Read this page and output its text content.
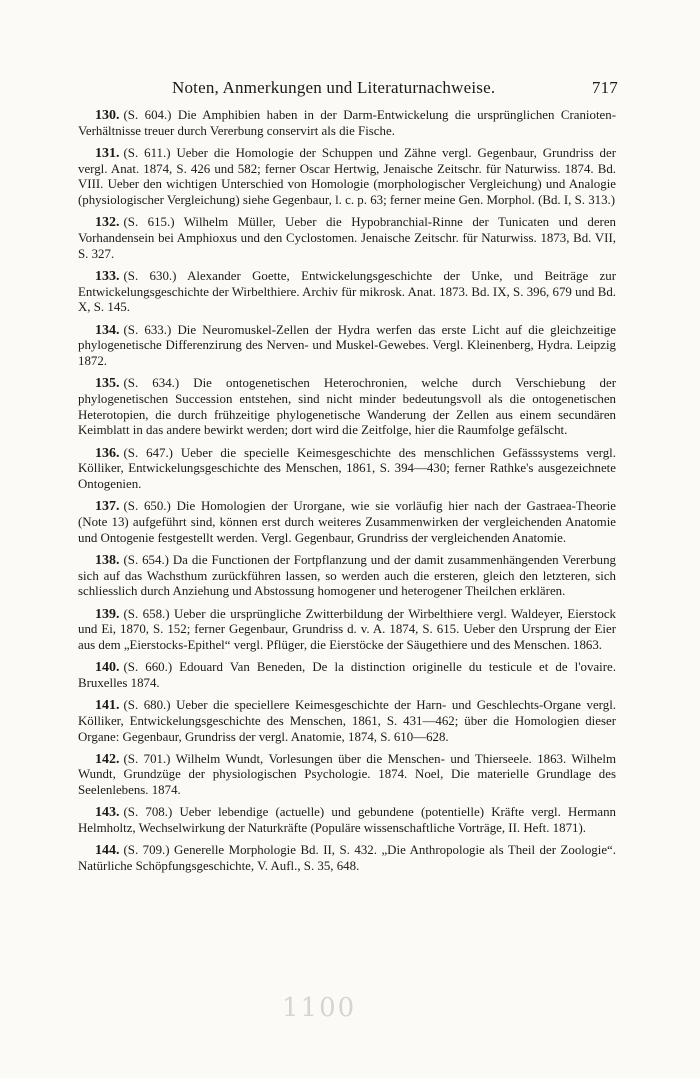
Noten, Anmerkungen und Literaturnachweise.	717

130. (S. 604.) Die Amphibien haben in der Darm-Entwickelung die ursprünglichen Cranioten-Verhältnisse treuer durch Vererbung conservirt als die Fische.

131. (S. 611.) Ueber die Homologie der Schuppen und Zähne vergl. Gegenbaur, Grundriss der vergl. Anat. 1874, S. 426 und 582; ferner Oscar Hertwig, Jenaische Zeitschr. für Naturwiss. 1874. Bd. VIII. Ueber den wichtigen Unterschied von Homologie (morphologischer Vergleichung) und Analogie (physiologischer Vergleichung) siehe Gegenbaur, l. c. p. 63; ferner meine Gen. Morphol. (Bd. I, S. 313.)

132. (S. 615.) Wilhelm Müller, Ueber die Hypobranchial-Rinne der Tunicaten und deren Vorhandensein bei Amphioxus und den Cyclostomen. Jenaische Zeitschr. für Naturwiss. 1873, Bd. VII, S. 327.

133. (S. 630.) Alexander Goette, Entwickelungsgeschichte der Unke, und Beiträge zur Entwickelungsgeschichte der Wirbelthiere. Archiv für mikrosk. Anat. 1873. Bd. IX, S. 396, 679 und Bd. X, S. 145.

134. (S. 633.) Die Neuromuskel-Zellen der Hydra werfen das erste Licht auf die gleichzeitige phylogenetische Differenzirung des Nerven- und Muskel-Gewebes. Vergl. Kleinenberg, Hydra. Leipzig 1872.

135. (S. 634.) Die ontogenetischen Heterochronien, welche durch Verschiebung der phylogenetischen Succession entstehen, sind nicht minder bedeutungsvoll als die ontogenetischen Heterotopien, die durch frühzeitige phylogenetische Wanderung der Zellen aus einem secundären Keimblatt in das andere bewirkt werden; dort wird die Zeitfolge, hier die Raumfolge gefälscht.

136. (S. 647.) Ueber die specielle Keimesgeschichte des menschlichen Gefässsystems vergl. Kölliker, Entwickelungsgeschichte des Menschen, 1861, S. 394—430; ferner Rathke's ausgezeichnete Ontogenien.

137. (S. 650.) Die Homologien der Urorgane, wie sie vorläufig hier nach der Gastraea-Theorie (Note 13) aufgeführt sind, können erst durch weiteres Zusammenwirken der vergleichenden Anatomie und Ontogenie festgestellt werden. Vergl. Gegenbaur, Grundriss der vergleichenden Anatomie.

138. (S. 654.) Da die Functionen der Fortpflanzung und der damit zusammenhängenden Vererbung sich auf das Wachsthum zurückführen lassen, so werden auch die ersteren, gleich den letzteren, sich schliesslich durch Anziehung und Abstossung homogener und heterogener Theilchen erklären.

139. (S. 658.) Ueber die ursprüngliche Zwitterbildung der Wirbelthiere vergl. Waldeyer, Eierstock und Ei, 1870, S. 152; ferner Gegenbaur, Grundriss d. v. A. 1874, S. 615. Ueber den Ursprung der Eier aus dem „Eierstocks-Epithel“ vergl. Pflüger, die Eierstöcke der Säugethiere und des Menschen. 1863.

140. (S. 660.) Edouard Van Beneden, De la distinction originelle du testicule et de l'ovaire. Bruxelles 1874.

141. (S. 680.) Ueber die speciellere Keimesgeschichte der Harn- und Geschlechts-Organe vergl. Kölliker, Entwickelungsgeschichte des Menschen, 1861, S. 431—462; über die Homologien dieser Organe: Gegenbaur, Grundriss der vergl. Anatomie, 1874, S. 610—628.

142. (S. 701.) Wilhelm Wundt, Vorlesungen über die Menschen- und Thierseele. 1863. Wilhelm Wundt, Grundzüge der physiologischen Psychologie. 1874. Noel, Die materielle Grundlage des Seelenlebens. 1874.

143. (S. 708.) Ueber lebendige (actuelle) und gebundene (potentielle) Kräfte vergl. Hermann Helmholtz, Wechselwirkung der Naturkräfte (Populäre wissenschaftliche Vorträge, II. Heft. 1871).

144. (S. 709.) Generelle Morphologie Bd. II, S. 432. „Die Anthropologie als Theil der Zoologie“. Natürliche Schöpfungsgeschichte, V. Aufl., S. 35, 648.

1100
